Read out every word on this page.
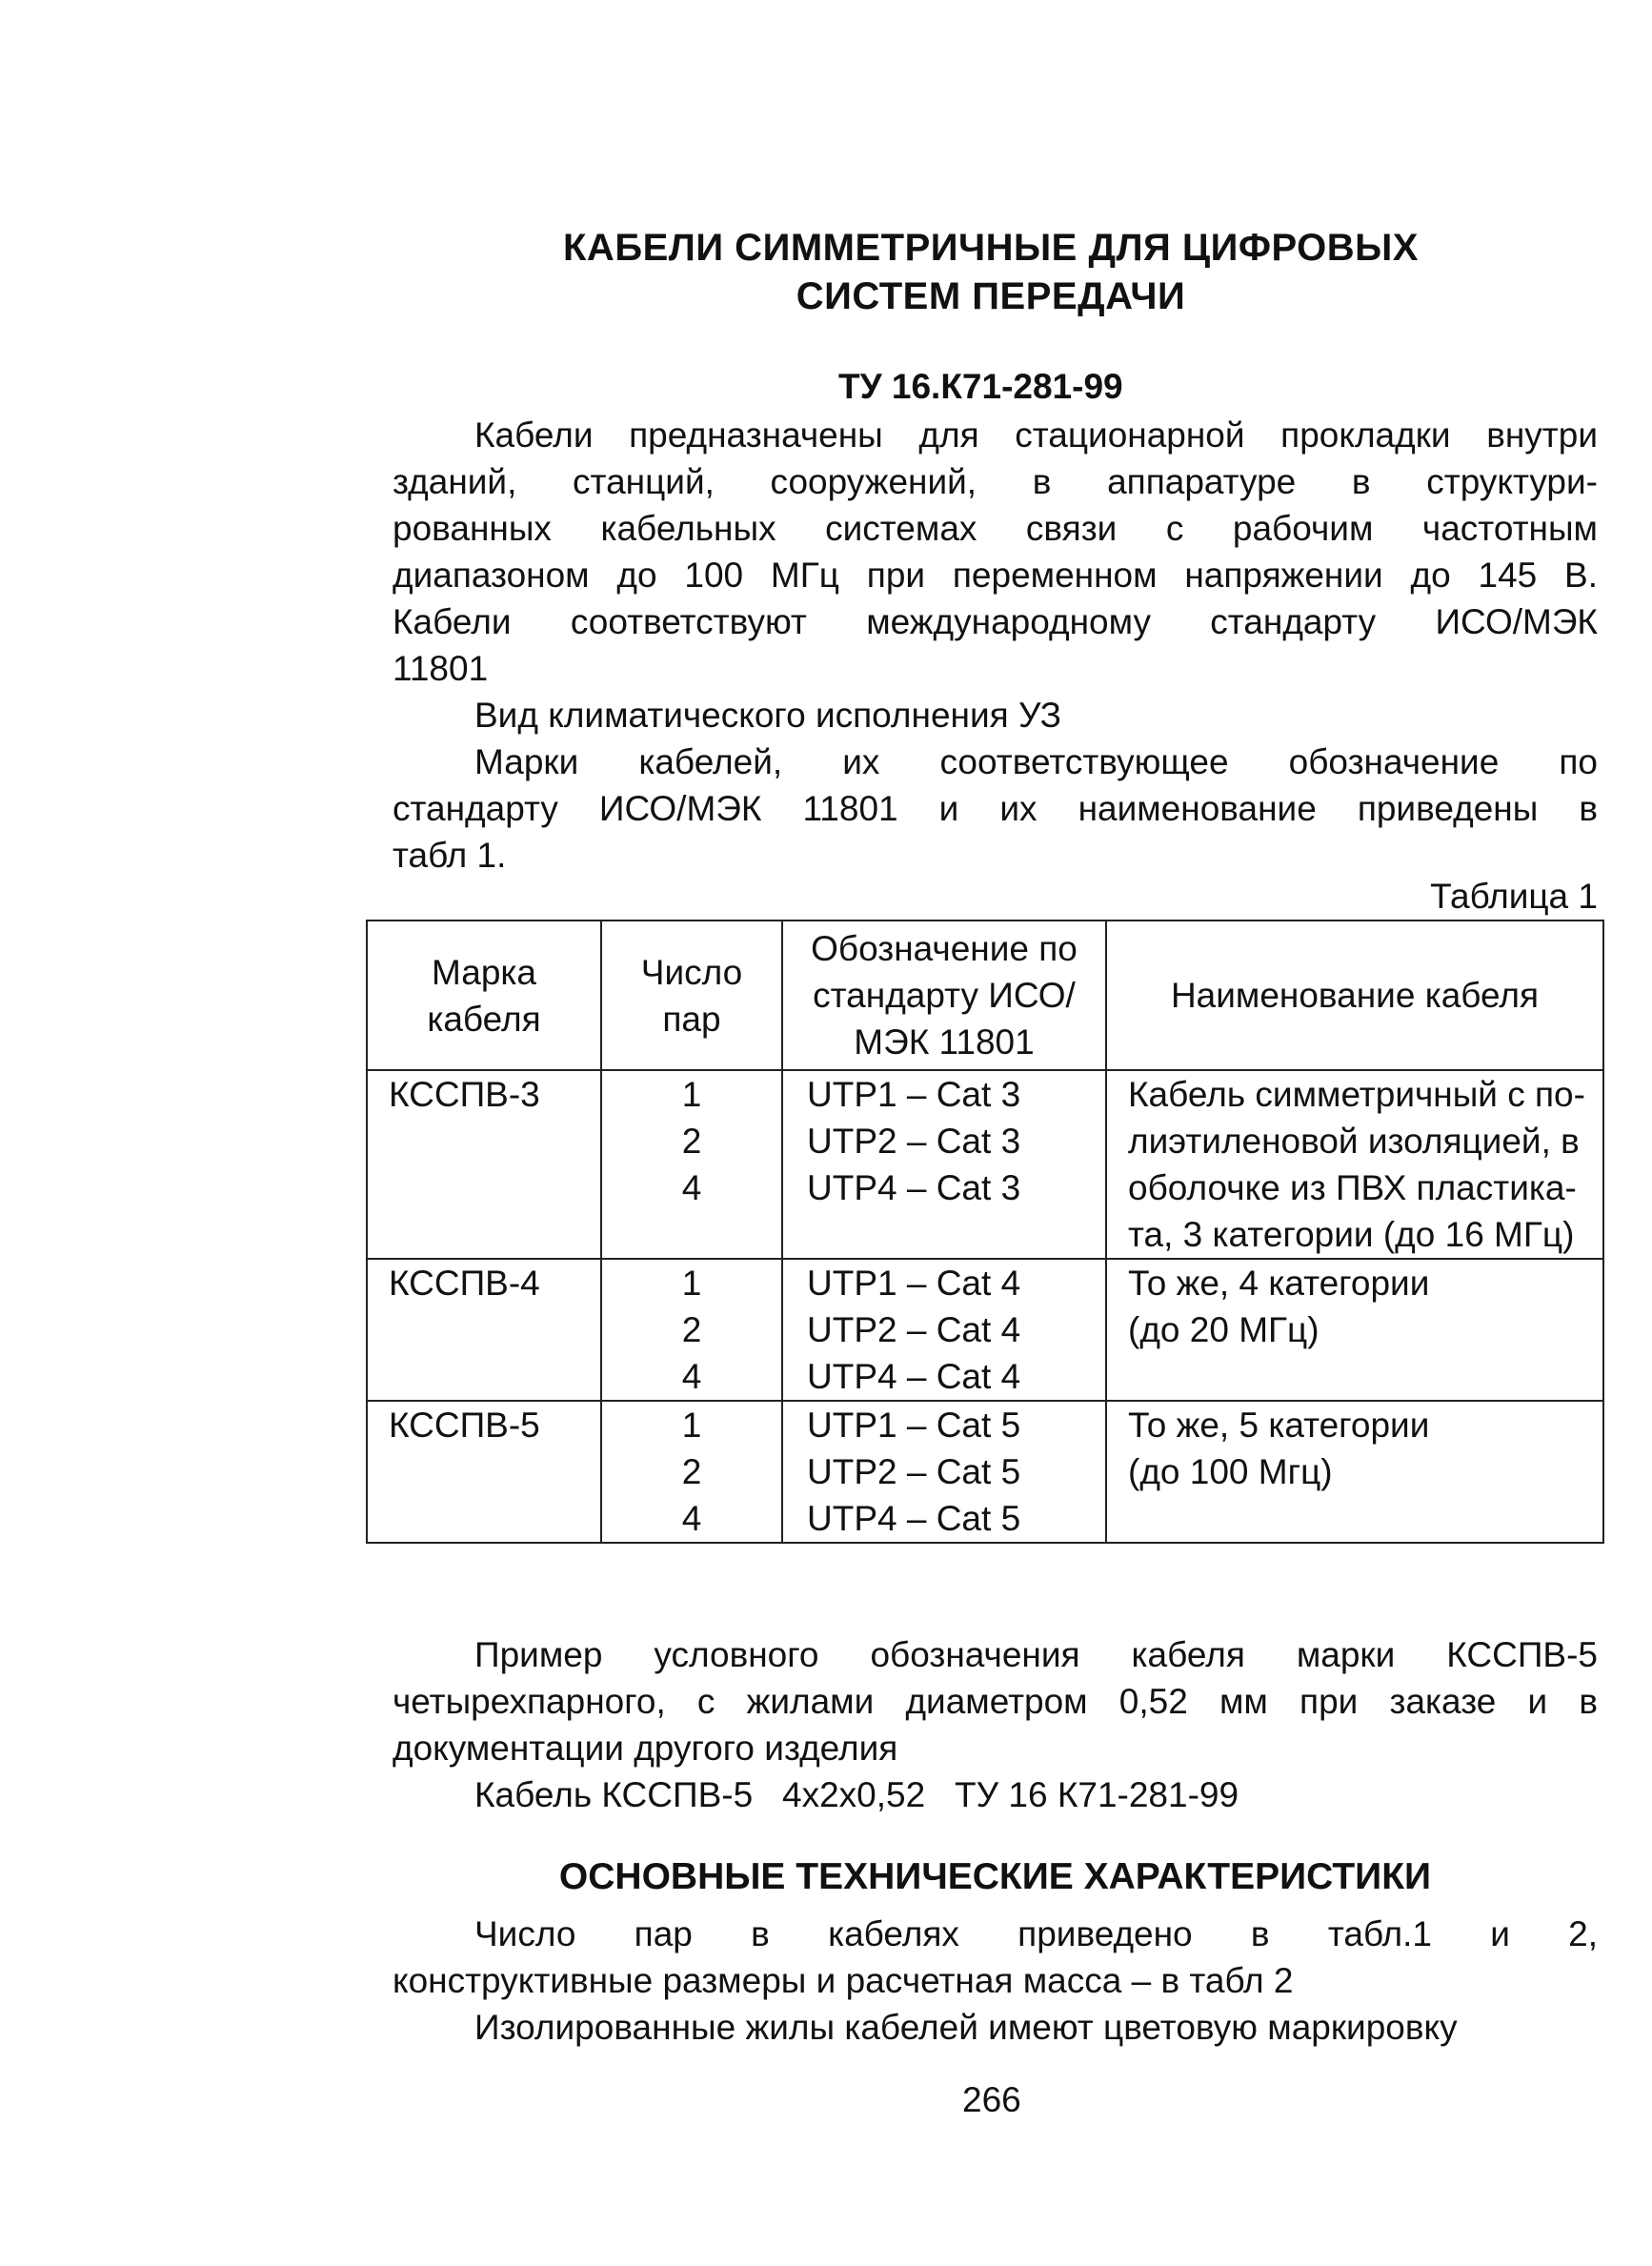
КАБЕЛИ СИММЕТРИЧНЫЕ ДЛЯ ЦИФРОВЫХ
СИСТЕМ ПЕРЕДАЧИ
ТУ 16.К71-281-99
Кабели предназначены для стационарной прокладки внутри
зданий, станций, сооружений, в аппаратуре в структури-
рованных кабельных системах связи с рабочим частотным
диапазоном до 100 МГц при переменном напряжении до 145 В.
Кабели соответствуют международному стандарту ИСО/МЭК
11801
Вид климатического исполнения УЗ
Марки кабелей, их соответствующее обозначение по
стандарту ИСО/МЭК 11801 и их наименование приведены в
табл 1.
Таблица 1
Марка кабеля	Число пар	Обозначение по стандарту ИСО/МЭК 11801	Наименование кабеля

КССПВ-3	1
2
4	UTP1 – Cat 3
UTP2 – Cat 3
UTP4 – Cat 3	Кабель симметричный с по-
лиэтиленовой изоляцией, в
оболочке из ПВХ пластика-
та, 3 категории (до 16 МГц)

КССПВ-4	1
2
4	UTP1 – Cat 4
UTP2 – Cat 4
UTP4 – Cat 4	То же, 4 категории
(до 20 МГц)

КССПВ-5	1
2
4	UTP1 – Cat 5
UTP2 – Cat 5
UTP4 – Cat 5	То же, 5 категории
(до 100 Мгц)
Пример условного обозначения кабеля марки КССПВ-5
четырехпарного, с жилами диаметром 0,52 мм при заказе и в
документации другого изделия
Кабель КССПВ-5   4х2х0,52   ТУ 16 К71-281-99
ОСНОВНЫЕ ТЕХНИЧЕСКИЕ ХАРАКТЕРИСТИКИ
Число пар в кабелях приведено в табл.1 и 2,
конструктивные размеры и расчетная масса – в табл 2
Изолированные жилы кабелей имеют цветовую маркировку
266
